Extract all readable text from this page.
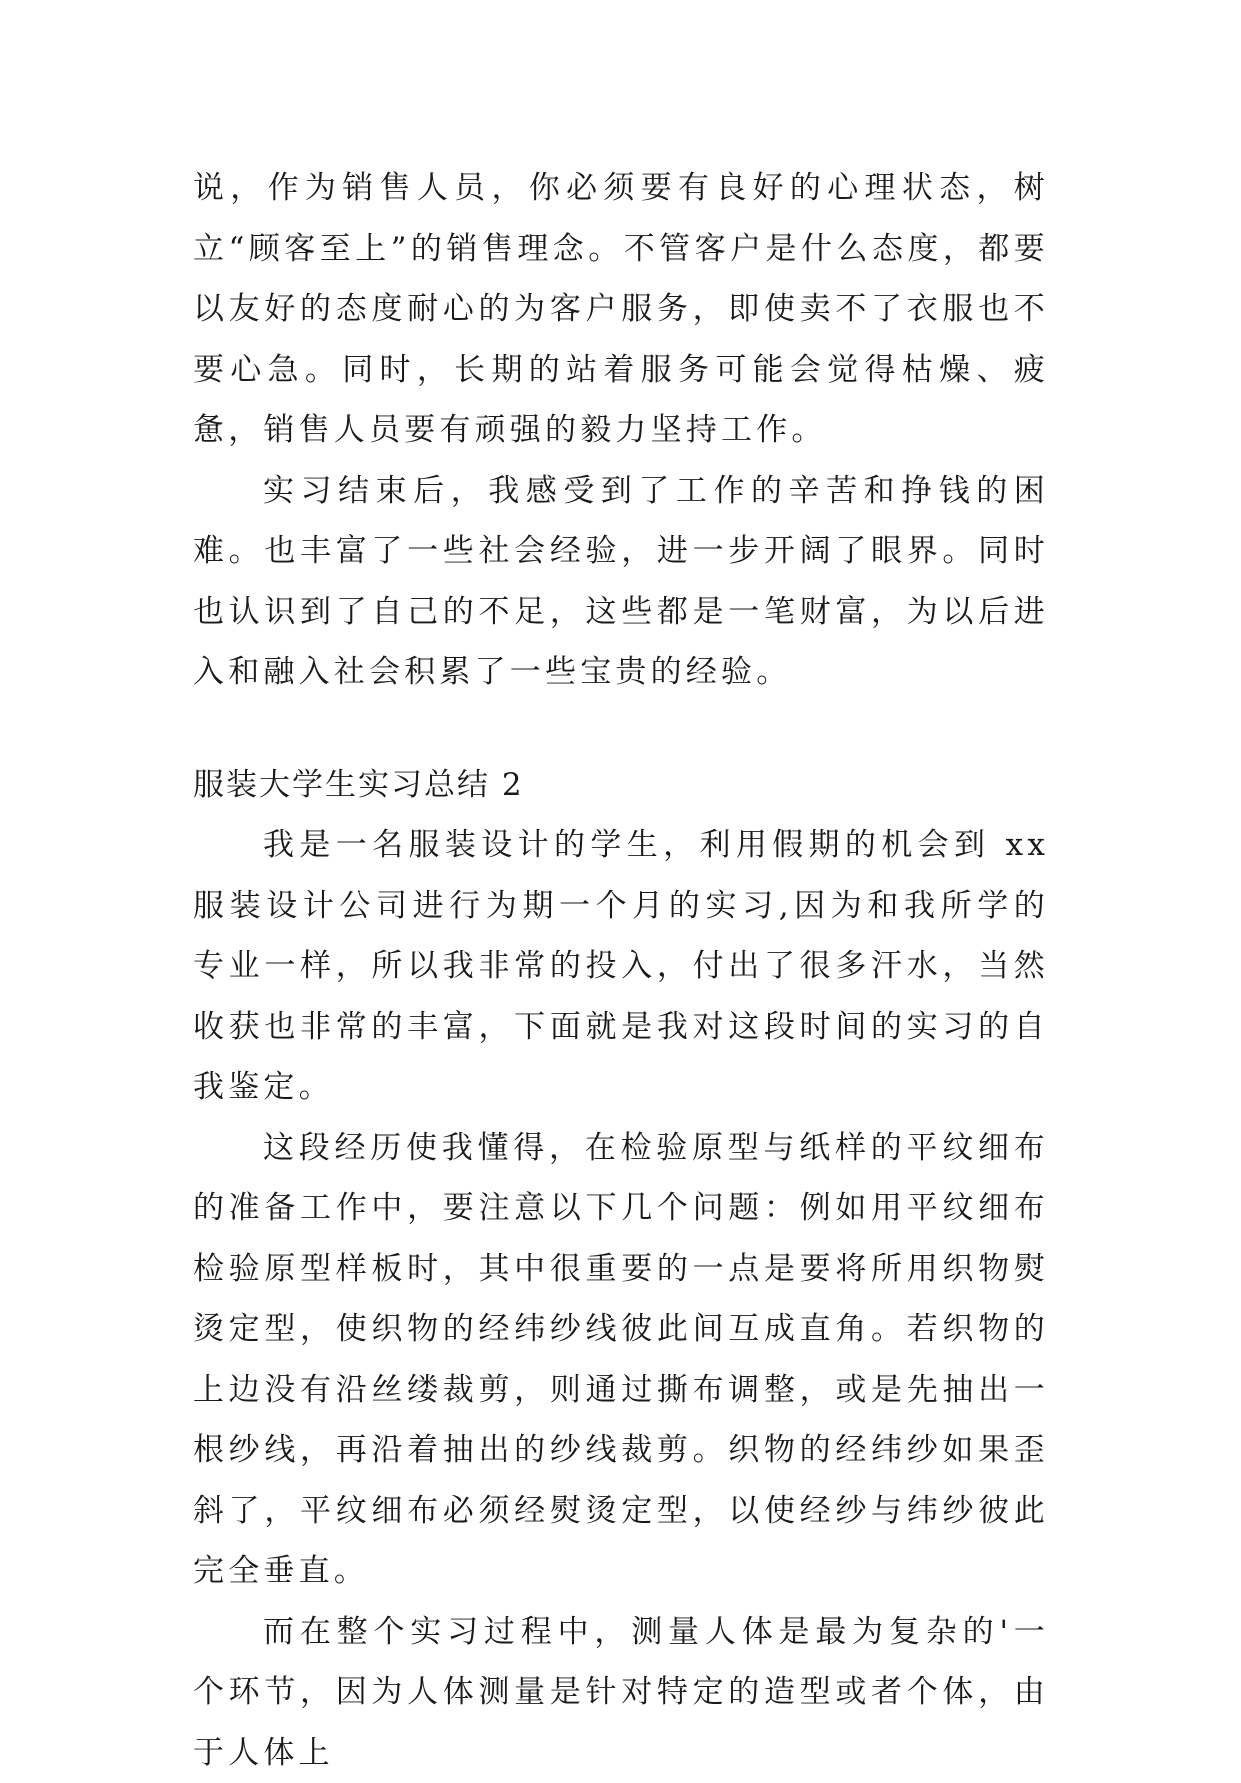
说，作为销售人员，你必须要有良好的心理状态，树立“顾客至上”的销售理念。不管客户是什么态度，都要以友好的态度耐心的为客户服务，即使卖不了衣服也不要心急。同时，长期的站着服务可能会觉得枯燥、疲惫，销售人员要有顽强的毅力坚持工作。

实习结束后，我感受到了工作的辛苦和挣钱的困难。也丰富了一些社会经验，进一步开阔了眼界。同时也认识到了自己的不足，这些都是一笔财富，为以后进入和融入社会积累了一些宝贵的经验。

服装大学生实习总结 2

我是一名服装设计的学生，利用假期的机会到 xx 服装设计公司进行为期一个月的实习,因为和我所学的专业一样，所以我非常的投入，付出了很多汗水，当然收获也非常的丰富，下面就是我对这段时间的实习的自我鉴定。

这段经历使我懂得，在检验原型与纸样的平纹细布的准备工作中，要注意以下几个问题：例如用平纹细布检验原型样板时，其中很重要的一点是要将所用织物熨烫定型，使织物的经纬纱线彼此间互成直角。若织物的上边没有沿丝缕裁剪，则通过撕布调整，或是先抽出一根纱线，再沿着抽出的纱线裁剪。织物的经纬纱如果歪斜了，平纹细布必须经熨烫定型，以使经纱与纬纱彼此完全垂直。

而在整个实习过程中，测量人体是最为复杂的'一个环节，因为人体测量是针对特定的造型或者个体，由于人体上
